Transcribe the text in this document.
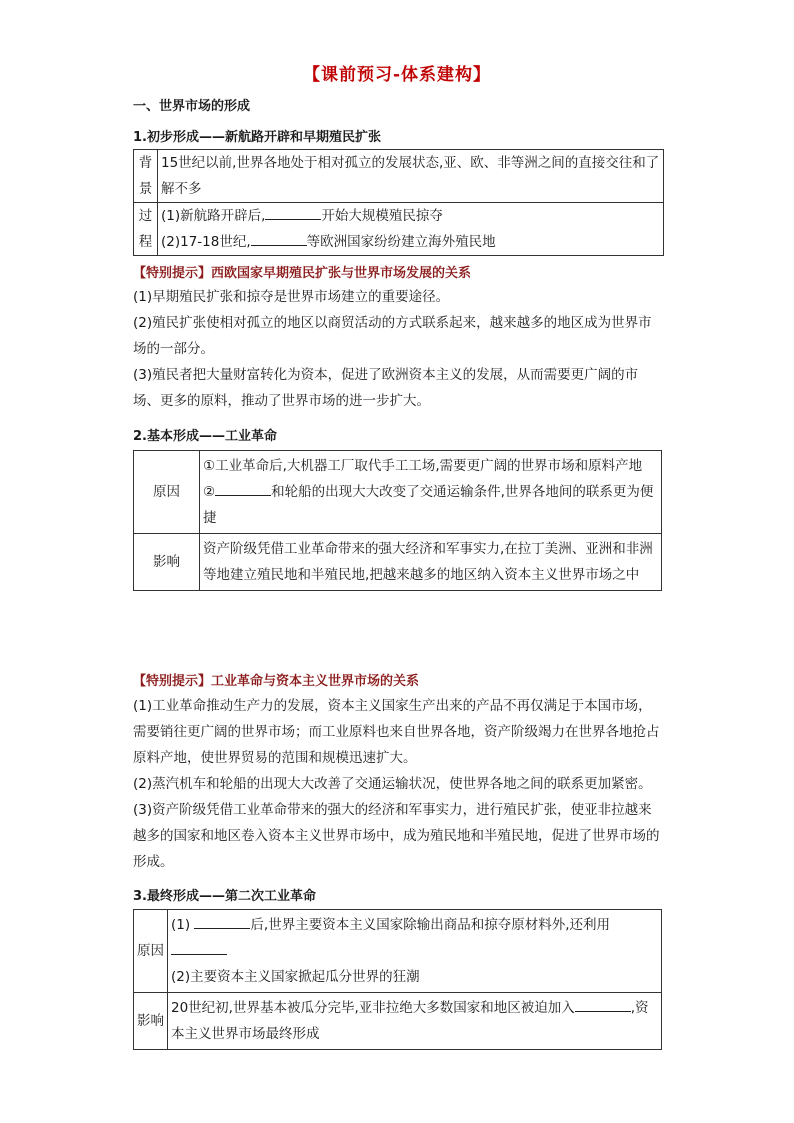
【课前预习-体系建构】
一、世界市场的形成
1.初步形成——新航路开辟和早期殖民扩张
背景	15世纪以前,世界各地处于相对孤立的发展状态,亚、欧、非等洲之间的直接交往和了解不多

过程	(1)新航路开辟后, 开始大规模殖民掠夺
(2)17-18世纪, 等欧洲国家纷纷建立海外殖民地
【特别提示】西欧国家早期殖民扩张与世界市场发展的关系
(1)早期殖民扩张和掠夺是世界市场建立的重要途径。
(2)殖民扩张使相对孤立的地区以商贸活动的方式联系起来，越来越多的地区成为世界市场的一部分。
(3)殖民者把大量财富转化为资本，促进了欧洲资本主义的发展，从而需要更广阔的市场、更多的原料，推动了世界市场的进一步扩大。
2.基本形成——工业革命
原因	①工业革命后,大机器工厂取代手工工场,需要更广阔的世界市场和原料产地
② 和轮船的出现大大改变了交通运输条件,世界各地间的联系更为便捷

影响	资产阶级凭借工业革命带来的强大经济和军事实力,在拉丁美洲、亚洲和非洲等地建立殖民地和半殖民地,把越来越多的地区纳入资本主义世界市场之中
【特别提示】工业革命与资本主义世界市场的关系
(1)工业革命推动生产力的发展，资本主义国家生产出来的产品不再仅满足于本国市场，需要销往更广阔的世界市场；而工业原料也来自世界各地，资产阶级竭力在世界各地抢占原料产地，使世界贸易的范围和规模迅速扩大。
(2)蒸汽机车和轮船的出现大大改善了交通运输状况，使世界各地之间的联系更加紧密。
(3)资产阶级凭借工业革命带来的强大的经济和军事实力，进行殖民扩张，使亚非拉越来越多的国家和地区卷入资本主义世界市场中，成为殖民地和半殖民地，促进了世界市场的形成。
3.最终形成——第二次工业革命
原因	(1) 后,世界主要资本主义国家除输出商品和掠夺原材料外,还利用
(2)主要资本主义国家掀起瓜分世界的狂潮

影响	20世纪初,世界基本被瓜分完毕,亚非拉绝大多数国家和地区被迫加入 ,资本主义世界市场最终形成
